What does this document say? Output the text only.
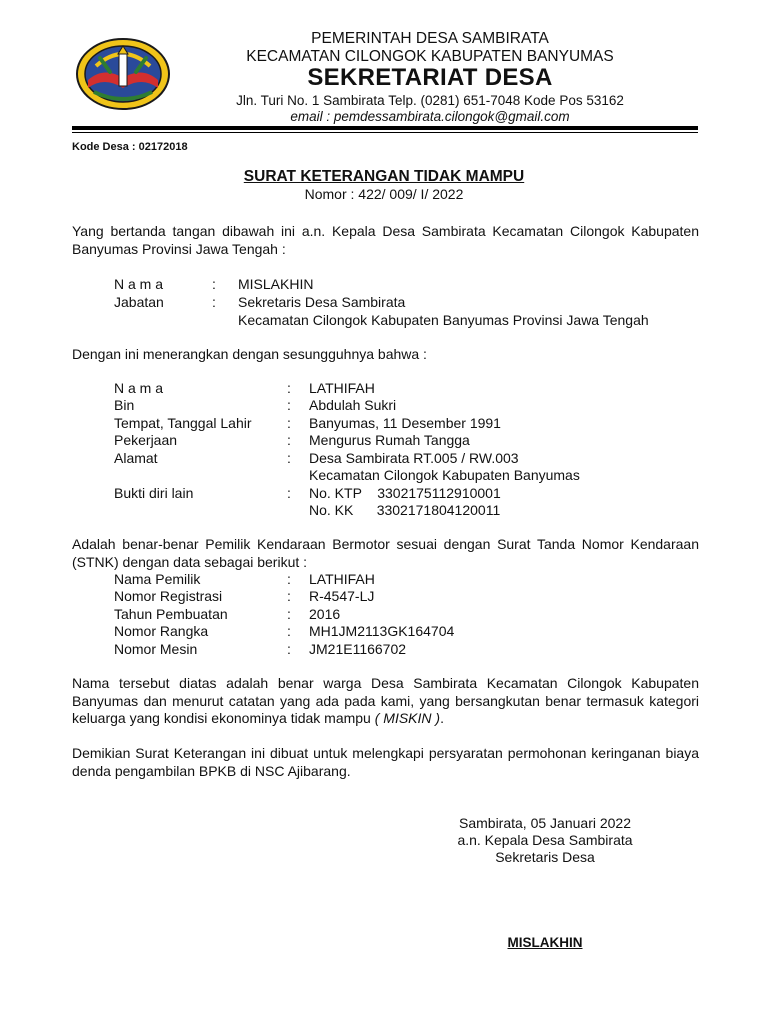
PEMERINTAH DESA SAMBIRATA
KECAMATAN CILONGOK KABUPATEN BANYUMAS
SEKRETARIAT DESA
Jln. Turi No. 1 Sambirata Telp. (0281) 651-7048 Kode Pos 53162
email : pemdessambirata.cilongok@gmail.com
Kode Desa : 02172018
SURAT KETERANGAN TIDAK MAMPU
Nomor : 422/ 009/ I/ 2022
Yang bertanda tangan dibawah ini a.n. Kepala Desa Sambirata Kecamatan Cilongok Kabupaten Banyumas Provinsi Jawa Tengah :
N a m a	: MISLAKHIN
Jabatan	: Sekretaris Desa Sambirata
Kecamatan Cilongok Kabupaten Banyumas Provinsi Jawa Tengah
Dengan ini menerangkan dengan sesungguhnya bahwa :
N a m a	: LATHIFAH
Bin	: Abdulah Sukri
Tempat, Tanggal Lahir	: Banyumas, 11 Desember 1991
Pekerjaan	: Mengurus Rumah Tangga
Alamat	: Desa Sambirata RT.005 / RW.003
Kecamatan Cilongok Kabupaten Banyumas
Bukti diri lain	: No. KTP    3302175112910001
No. KK      3302171804120011
Adalah benar-benar Pemilik Kendaraan Bermotor sesuai dengan Surat Tanda Nomor Kendaraan (STNK) dengan data sebagai berikut :
Nama Pemilik	: LATHIFAH
Nomor Registrasi	: R-4547-LJ
Tahun Pembuatan	: 2016
Nomor Rangka	: MH1JM2113GK164704
Nomor Mesin	: JM21E1166702
Nama tersebut diatas adalah benar warga Desa Sambirata Kecamatan Cilongok Kabupaten Banyumas dan menurut catatan yang ada pada kami, yang bersangkutan benar termasuk kategori keluarga yang kondisi ekonominya tidak mampu ( MISKIN ).
Demikian Surat Keterangan ini dibuat untuk melengkapi persyaratan permohonan keringanan biaya denda pengambilan BPKB di NSC Ajibarang.
Sambirata, 05 Januari 2022
a.n. Kepala Desa Sambirata
Sekretaris Desa
MISLAKHIN
